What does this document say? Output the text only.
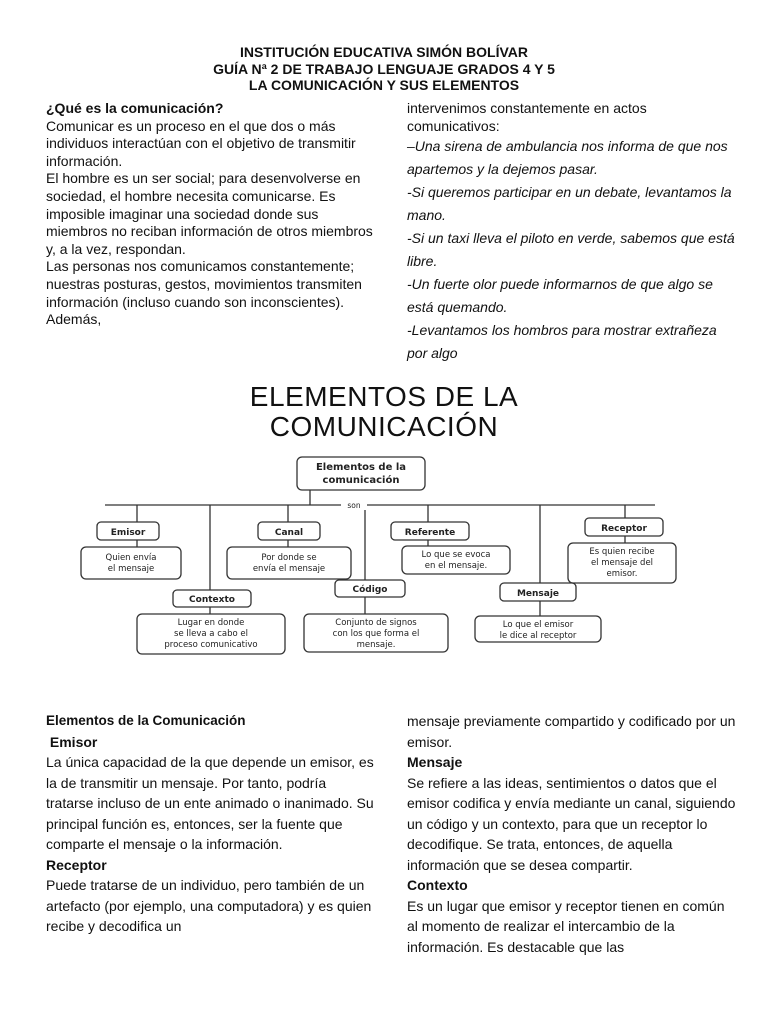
INSTITUCIÓN EDUCATIVA SIMÓN BOLÍVAR
GUÍA Nª 2 DE TRABAJO LENGUAJE GRADOS 4 Y 5
LA COMUNICACIÓN Y SUS ELEMENTOS

¿Qué es la comunicación?

Comunicar es un proceso en el que dos o más individuos interactúan con el objetivo de transmitir información.

El hombre es un ser social; para desenvolverse en sociedad, el hombre necesita comunicarse. Es imposible imaginar una sociedad donde sus miembros no reciban información de otros miembros y, a la vez, respondan.

Las personas nos comunicamos constantemente; nuestras posturas, gestos, movimientos transmiten información (incluso cuando son inconscientes). Además,

intervenimos constantemente en actos comunicativos:

–Una sirena de ambulancia nos informa de que nos apartemos y la dejemos pasar.

-Si queremos participar en un debate, levantamos la mano.

-Si un taxi lleva el piloto en verde, sabemos que está libre.

-Un fuerte olor puede informarnos de que algo se está quemando.

-Levantamos los hombros para mostrar extrañeza por algo

ELEMENTOS DE LA
COMUNICACIÓN
Elementos de la
comunicación
son
Emisor	Canal	Referente	Receptor
Contexto
Código	Mensaje
Quien envía
el mensaje
Por donde se
envía el mensaje
Lo que se evoca
en el mensaje.
Es quien recibe
el mensaje del
emisor.
Lugar en donde
se lleva a cabo el
proceso comunicativo
Conjunto de signos
con los que forma el
mensaje.
Lo que el emisor
le dice al receptor

Elementos de la Comunicación

Emisor

La única capacidad de la que depende un emisor, es la de transmitir un mensaje. Por tanto, podría tratarse incluso de un ente animado o inanimado. Su principal función es, entonces, ser la fuente que comparte el mensaje o la información.

Receptor

Puede tratarse de un individuo, pero también de un artefacto (por ejemplo, una computadora) y es quien recibe y decodifica un

mensaje previamente compartido y codificado por un emisor.

Mensaje

Se refiere a las ideas, sentimientos o datos que el emisor codifica y envía mediante un canal, siguiendo un código y un contexto, para que un receptor lo decodifique. Se trata, entonces, de aquella información que se desea compartir.

Contexto

Es un lugar que emisor y receptor tienen en común al momento de realizar el intercambio de la información. Es destacable que las
